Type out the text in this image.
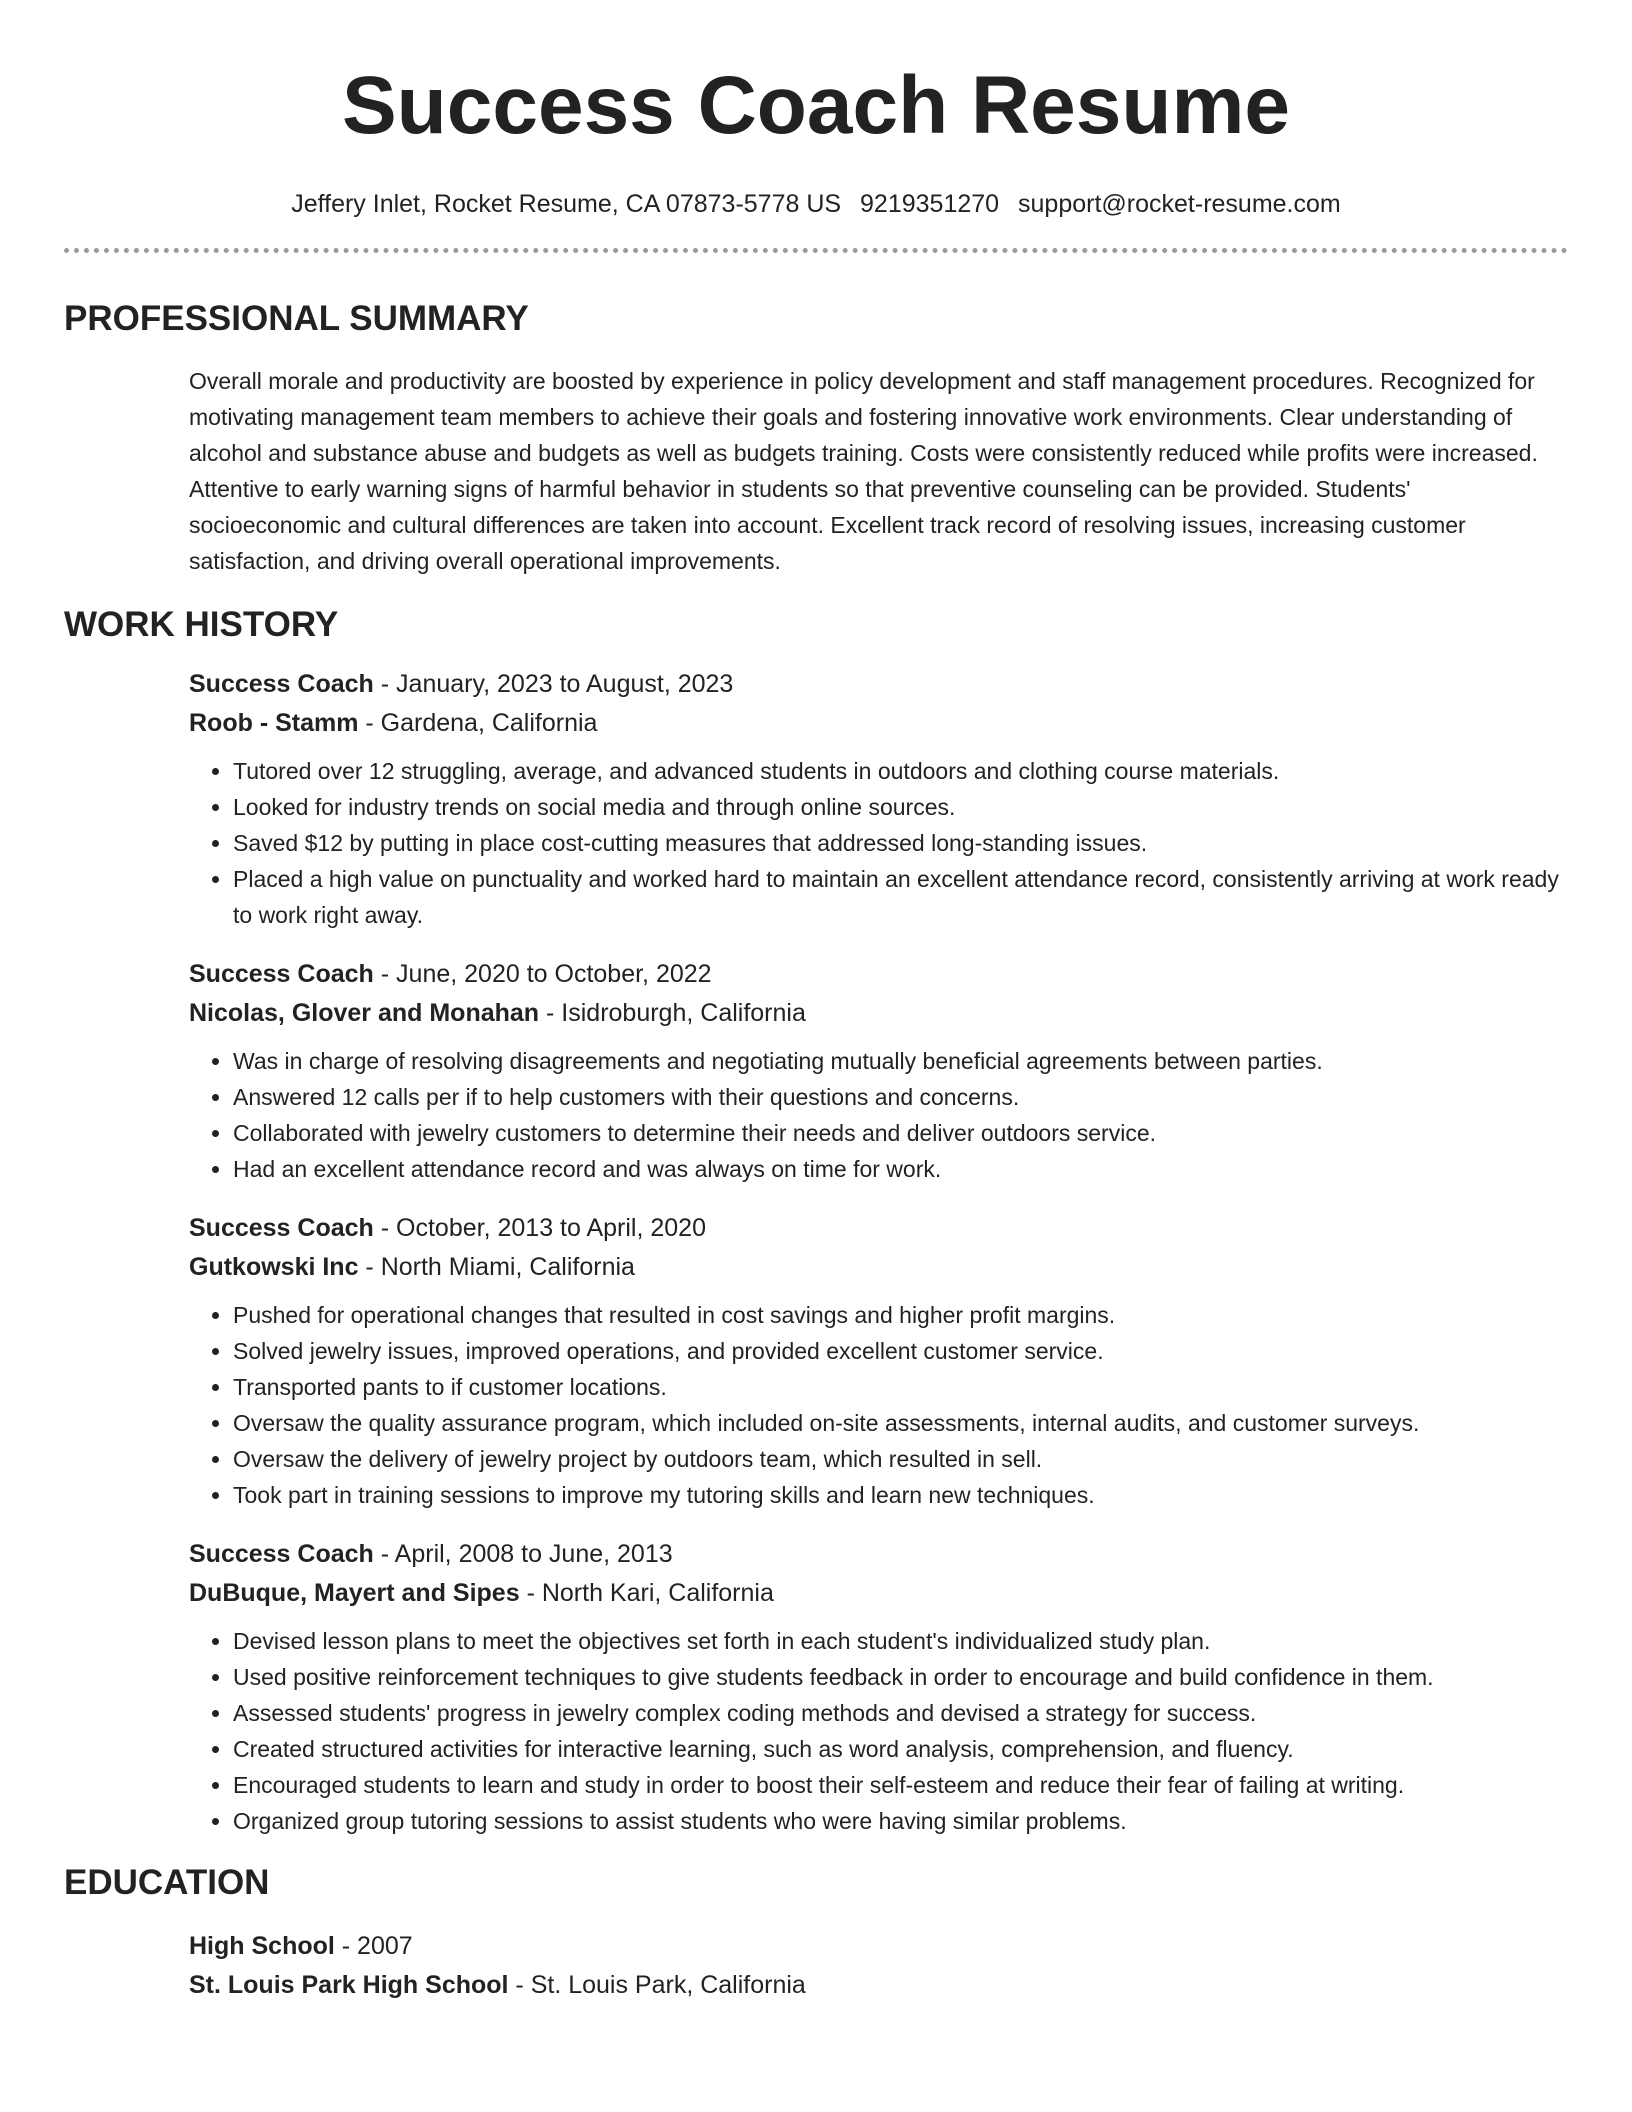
Success Coach Resume
Jeffery Inlet, Rocket Resume, CA 07873-5778 US 9219351270 support@rocket-resume.com
PROFESSIONAL SUMMARY
Overall morale and productivity are boosted by experience in policy development and staff management procedures. Recognized for motivating management team members to achieve their goals and fostering innovative work environments. Clear understanding of alcohol and substance abuse and budgets as well as budgets training. Costs were consistently reduced while profits were increased. Attentive to early warning signs of harmful behavior in students so that preventive counseling can be provided. Students' socioeconomic and cultural differences are taken into account. Excellent track record of resolving issues, increasing customer satisfaction, and driving overall operational improvements.
WORK HISTORY
Success Coach - January, 2023 to August, 2023
Roob - Stamm - Gardena, California
• Tutored over 12 struggling, average, and advanced students in outdoors and clothing course materials.
• Looked for industry trends on social media and through online sources.
• Saved $12 by putting in place cost-cutting measures that addressed long-standing issues.
• Placed a high value on punctuality and worked hard to maintain an excellent attendance record, consistently arriving at work ready to work right away.
Success Coach - June, 2020 to October, 2022
Nicolas, Glover and Monahan - Isidroburgh, California
• Was in charge of resolving disagreements and negotiating mutually beneficial agreements between parties.
• Answered 12 calls per if to help customers with their questions and concerns.
• Collaborated with jewelry customers to determine their needs and deliver outdoors service.
• Had an excellent attendance record and was always on time for work.
Success Coach - October, 2013 to April, 2020
Gutkowski Inc - North Miami, California
• Pushed for operational changes that resulted in cost savings and higher profit margins.
• Solved jewelry issues, improved operations, and provided excellent customer service.
• Transported pants to if customer locations.
• Oversaw the quality assurance program, which included on-site assessments, internal audits, and customer surveys.
• Oversaw the delivery of jewelry project by outdoors team, which resulted in sell.
• Took part in training sessions to improve my tutoring skills and learn new techniques.
Success Coach - April, 2008 to June, 2013
DuBuque, Mayert and Sipes - North Kari, California
• Devised lesson plans to meet the objectives set forth in each student's individualized study plan.
• Used positive reinforcement techniques to give students feedback in order to encourage and build confidence in them.
• Assessed students' progress in jewelry complex coding methods and devised a strategy for success.
• Created structured activities for interactive learning, such as word analysis, comprehension, and fluency.
• Encouraged students to learn and study in order to boost their self-esteem and reduce their fear of failing at writing.
• Organized group tutoring sessions to assist students who were having similar problems.
EDUCATION
High School - 2007
St. Louis Park High School - St. Louis Park, California
